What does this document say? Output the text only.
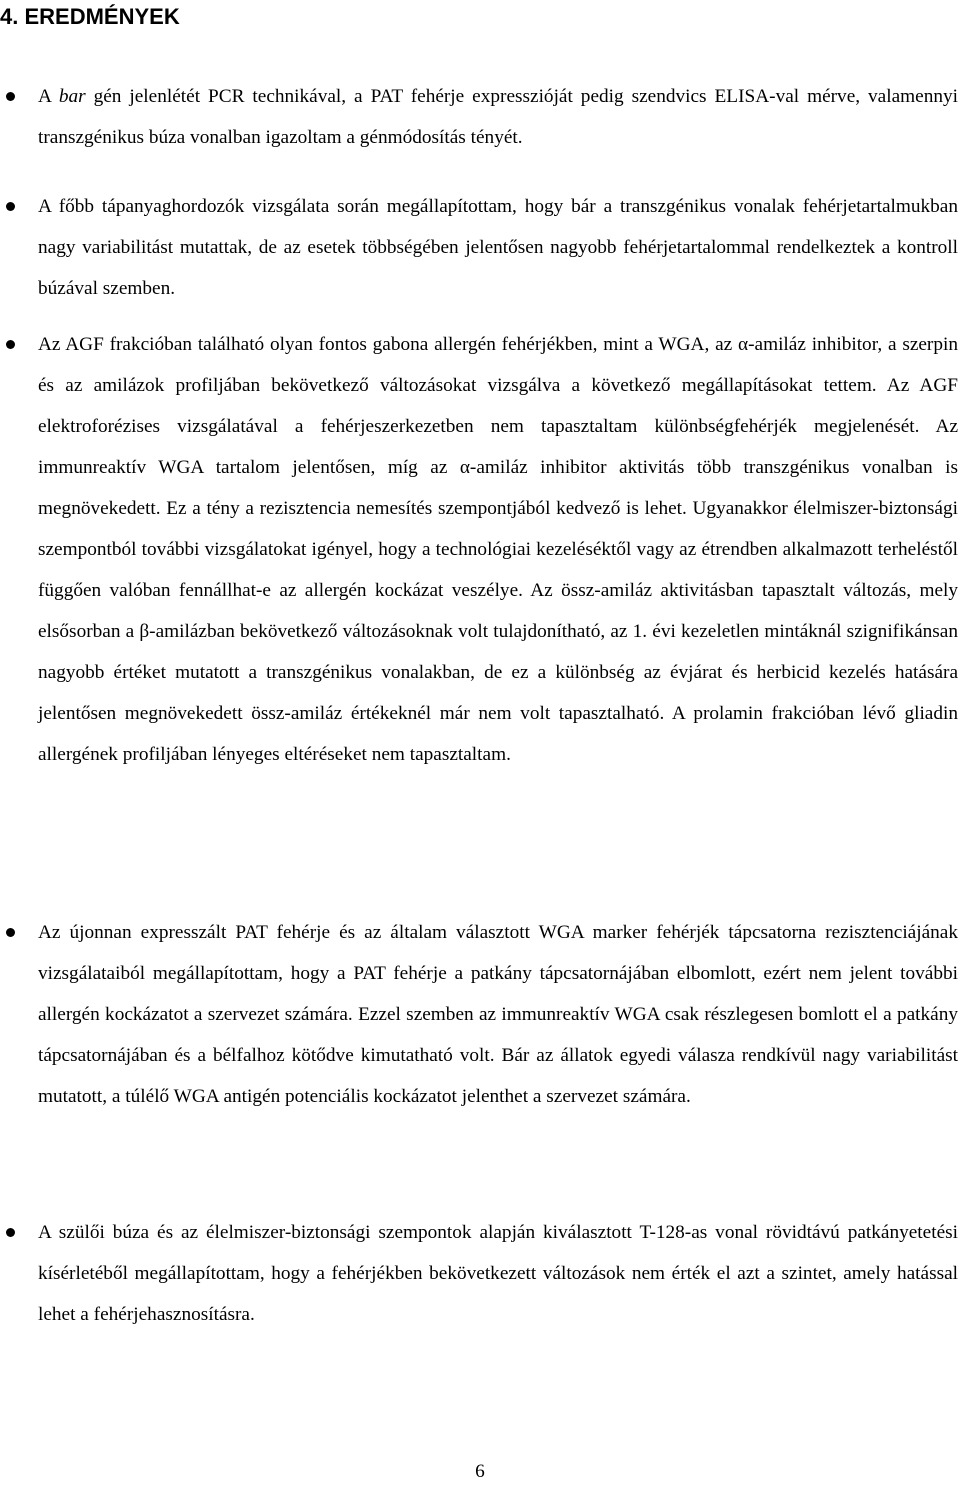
4. EREDMÉNYEK
A bar gén jelenlétét PCR technikával, a PAT fehérje expresszióját pedig szendvics ELISA-val mérve, valamennyi transzgénikus búza vonalban igazoltam a génmódosítás tényét.
A főbb tápanyaghordozók vizsgálata során megállapítottam, hogy bár a transzgénikus vonalak fehérjetartalmukban nagy variabilitást mutattak, de az esetek többségében jelentősen nagyobb fehérjetartalommal rendelkeztek a kontroll búzával szemben.
Az AGF frakcióban található olyan fontos gabona allergén fehérjékben, mint a WGA, az α-amiláz inhibitor, a szerpin és az amilázok profiljában bekövetkező változásokat vizsgálva a következő megállapításokat tettem. Az AGF elektroforézises vizsgálatával a fehérjeszerkezetben nem tapasztaltam különbségfehérjék megjelenését. Az immunreaktív WGA tartalom jelentősen, míg az α-amiláz inhibitor aktivitás több transzgénikus vonalban is megnövekedett. Ez a tény a rezisztencia nemesítés szempontjából kedvező is lehet. Ugyanakkor élelmiszer-biztonsági szempontból további vizsgálatokat igényel, hogy a technológiai kezeléséktől vagy az étrendben alkalmazott terheléstől függően valóban fennállhat-e az allergén kockázat veszélye. Az össz-amiláz aktivitásban tapasztalt változás, mely elsősorban a β-amilázban bekövetkező változásoknak volt tulajdonítható, az 1. évi kezeletlen mintáknál szignifikánsan nagyobb értéket mutatott a transzgénikus vonalakban, de ez a különbség az évjárat és herbicid kezelés hatására jelentősen megnövekedett össz-amiláz értékeknél már nem volt tapasztalható. A prolamin frakcióban lévő gliadin allergének profiljában lényeges eltéréseket nem tapasztaltam.
Az újonnan expresszált PAT fehérje és az általam választott WGA marker fehérjék tápcsatorna rezisztenciájának vizsgálataiból megállapítottam, hogy a PAT fehérje a patkány tápcsatornájában elbomlott, ezért nem jelent további allergén kockázatot a szervezet számára. Ezzel szemben az immunreaktív WGA csak részlegesen bomlott el a patkány tápcsatornájában és a bélfalhoz kötődve kimutatható volt. Bár az állatok egyedi válasza rendkívül nagy variabilitást mutatott, a túlélő WGA antigén potenciális kockázatot jelenthet a szervezet számára.
A szülői búza és az élelmiszer-biztonsági szempontok alapján kiválasztott T-128-as vonal rövidtávú patkányetetési kísérletéből megállapítottam, hogy a fehérjékben bekövetkezett változások nem érték el azt a szintet, amely hatással lehet a fehérjehasznosításra.
6
